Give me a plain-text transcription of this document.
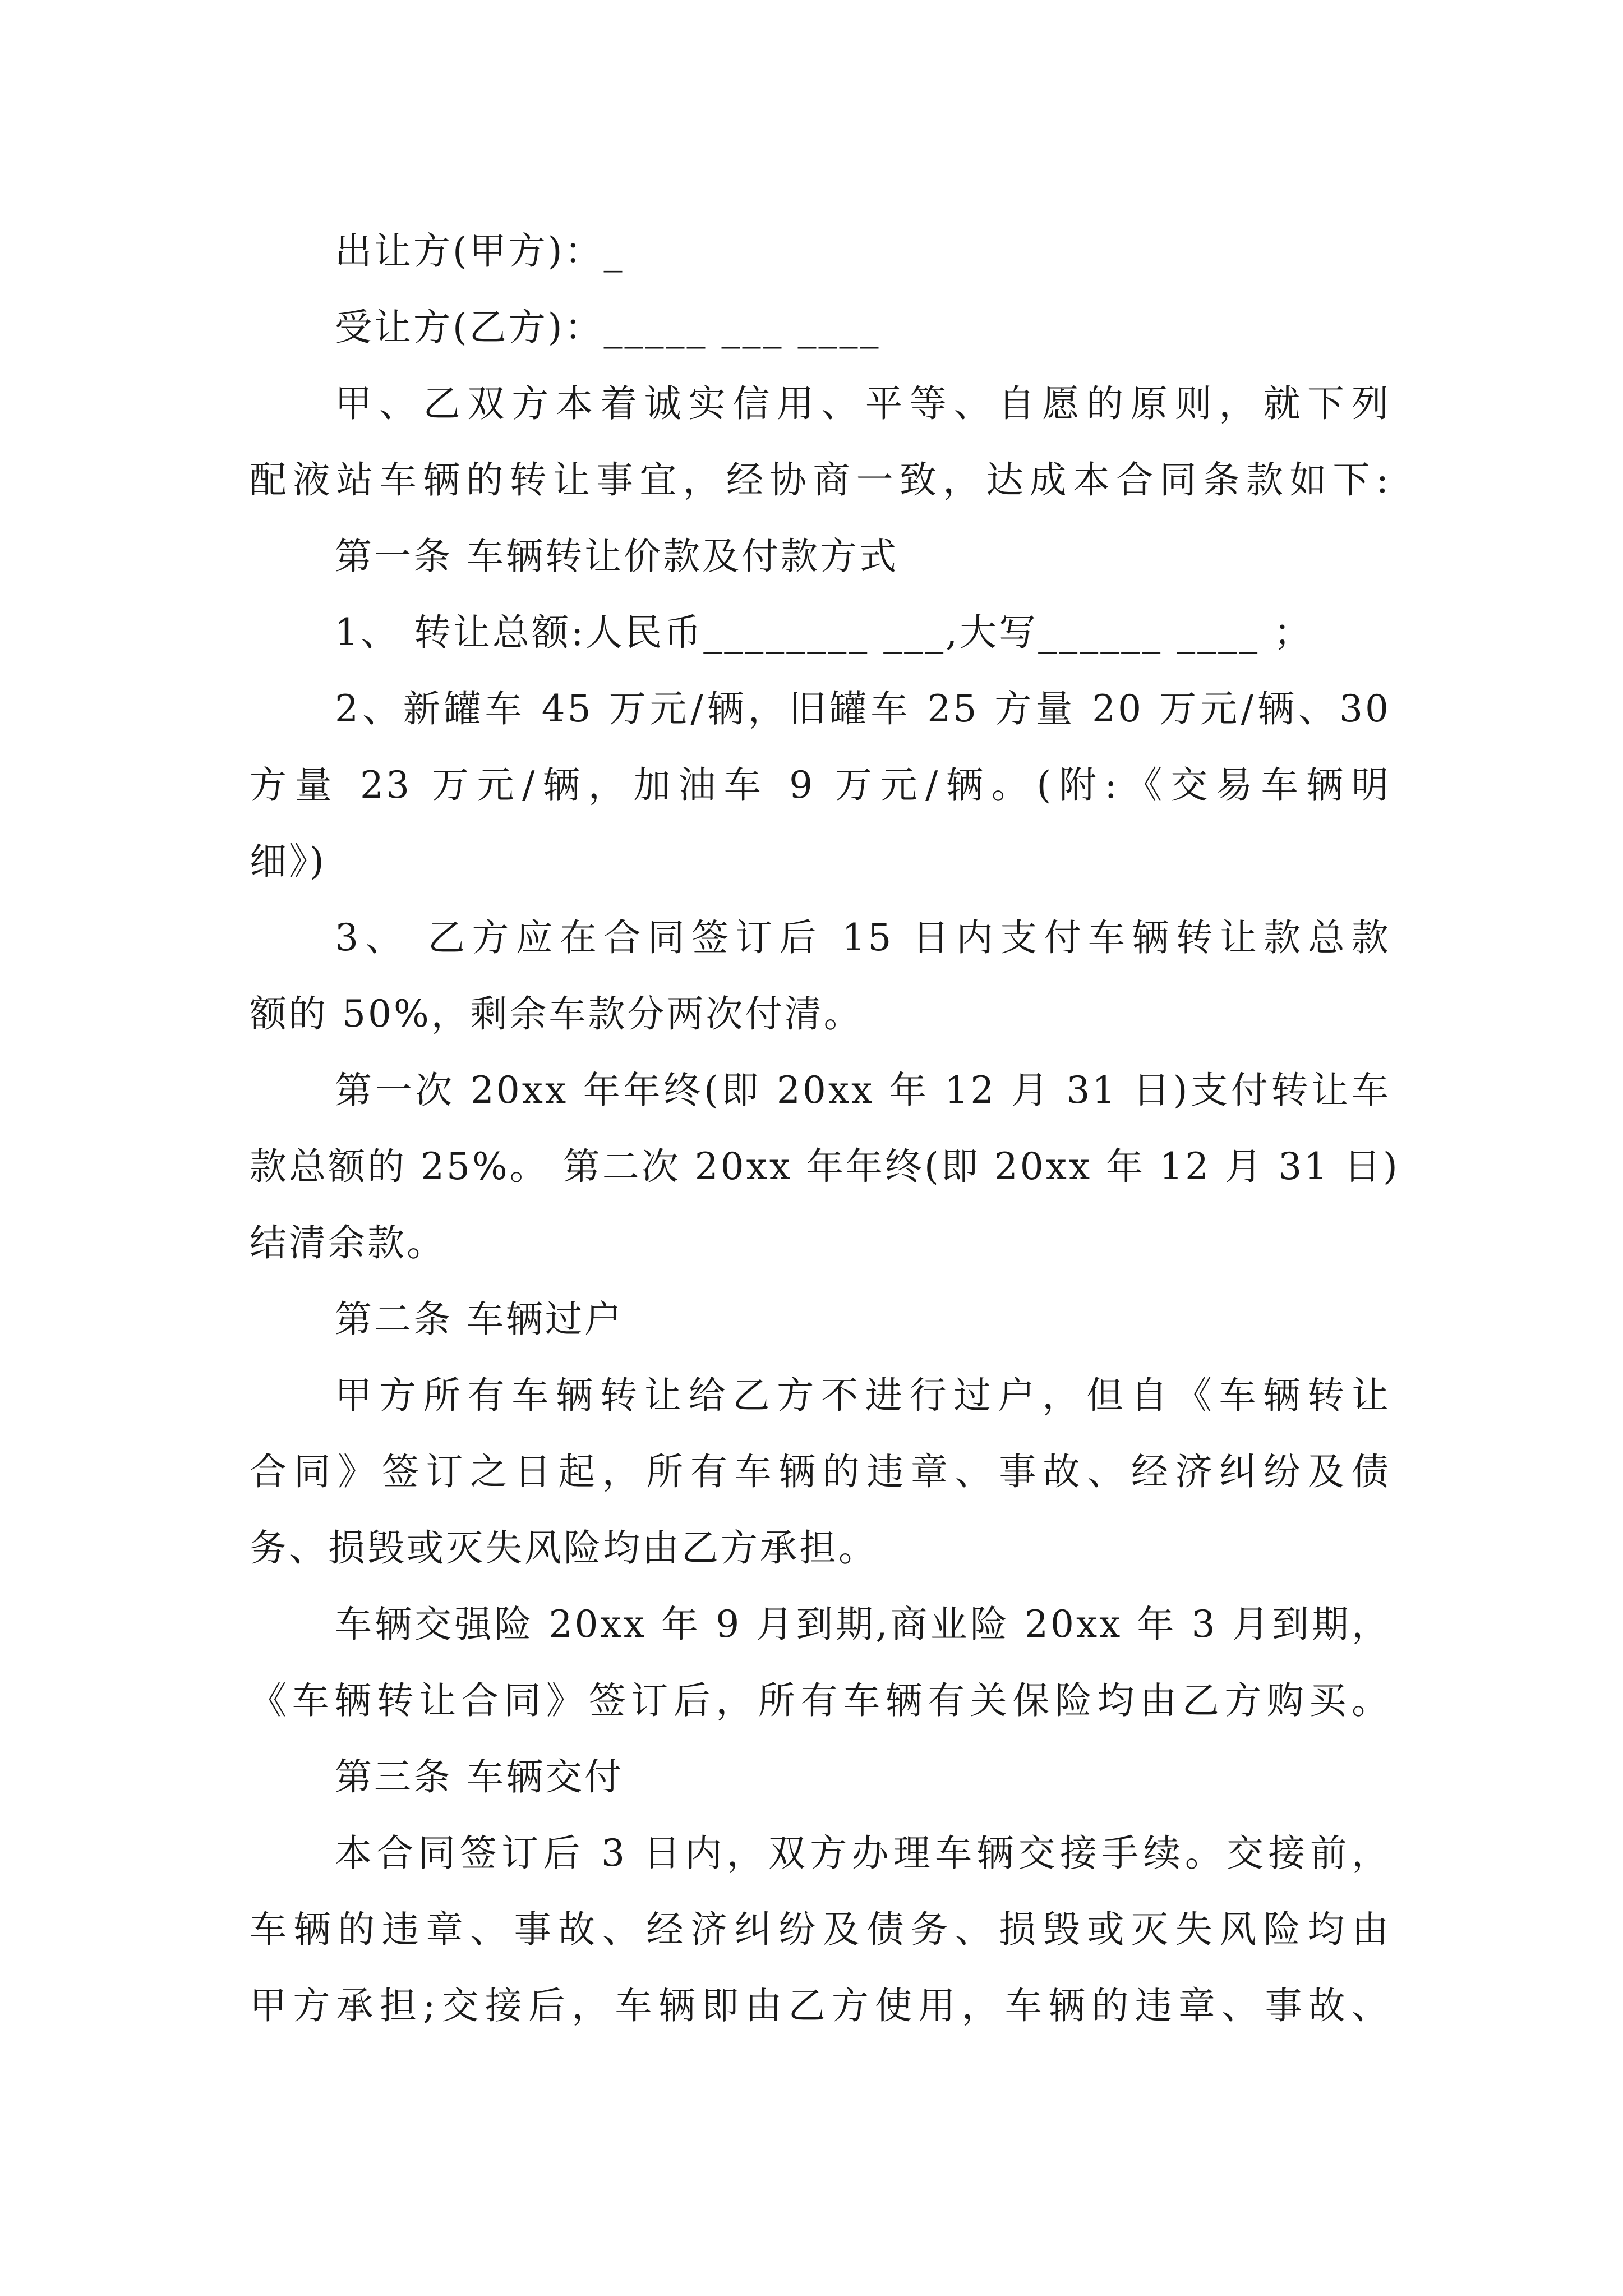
出让方(甲方)：_
受让方(乙方)：_____ ___ ____
甲、乙双方本着诚实信用、平等、自愿的原则，就下列
配液站车辆的转让事宜，经协商一致，达成本合同条款如下:
第一条 车辆转让价款及付款方式
1、 转让总额:人民币________ ___,大写______ ____ ；
2、新罐车 45 万元/辆，旧罐车 25 方量 20 万元/辆、30
方量 23 万元/辆，加油车 9 万元/辆。(附:《交易车辆明
细》)
3、 乙方应在合同签订后 15 日内支付车辆转让款总款
额的 50%，剩余车款分两次付清。
第一次 20xx 年年终(即 20xx 年 12 月 31 日)支付转让车
款总额的 25%。 第二次 20xx 年年终(即 20xx 年 12 月 31 日)
结清余款。
第二条 车辆过户
甲方所有车辆转让给乙方不进行过户，但自《车辆转让
合同》签订之日起，所有车辆的违章、事故、经济纠纷及债
务、损毁或灭失风险均由乙方承担。
车辆交强险 20xx 年 9 月到期,商业险 20xx 年 3 月到期，
《车辆转让合同》签订后，所有车辆有关保险均由乙方购买。
第三条 车辆交付
本合同签订后 3 日内，双方办理车辆交接手续。交接前，
车辆的违章、事故、经济纠纷及债务、损毁或灭失风险均由
甲方承担;交接后，车辆即由乙方使用，车辆的违章、事故、
